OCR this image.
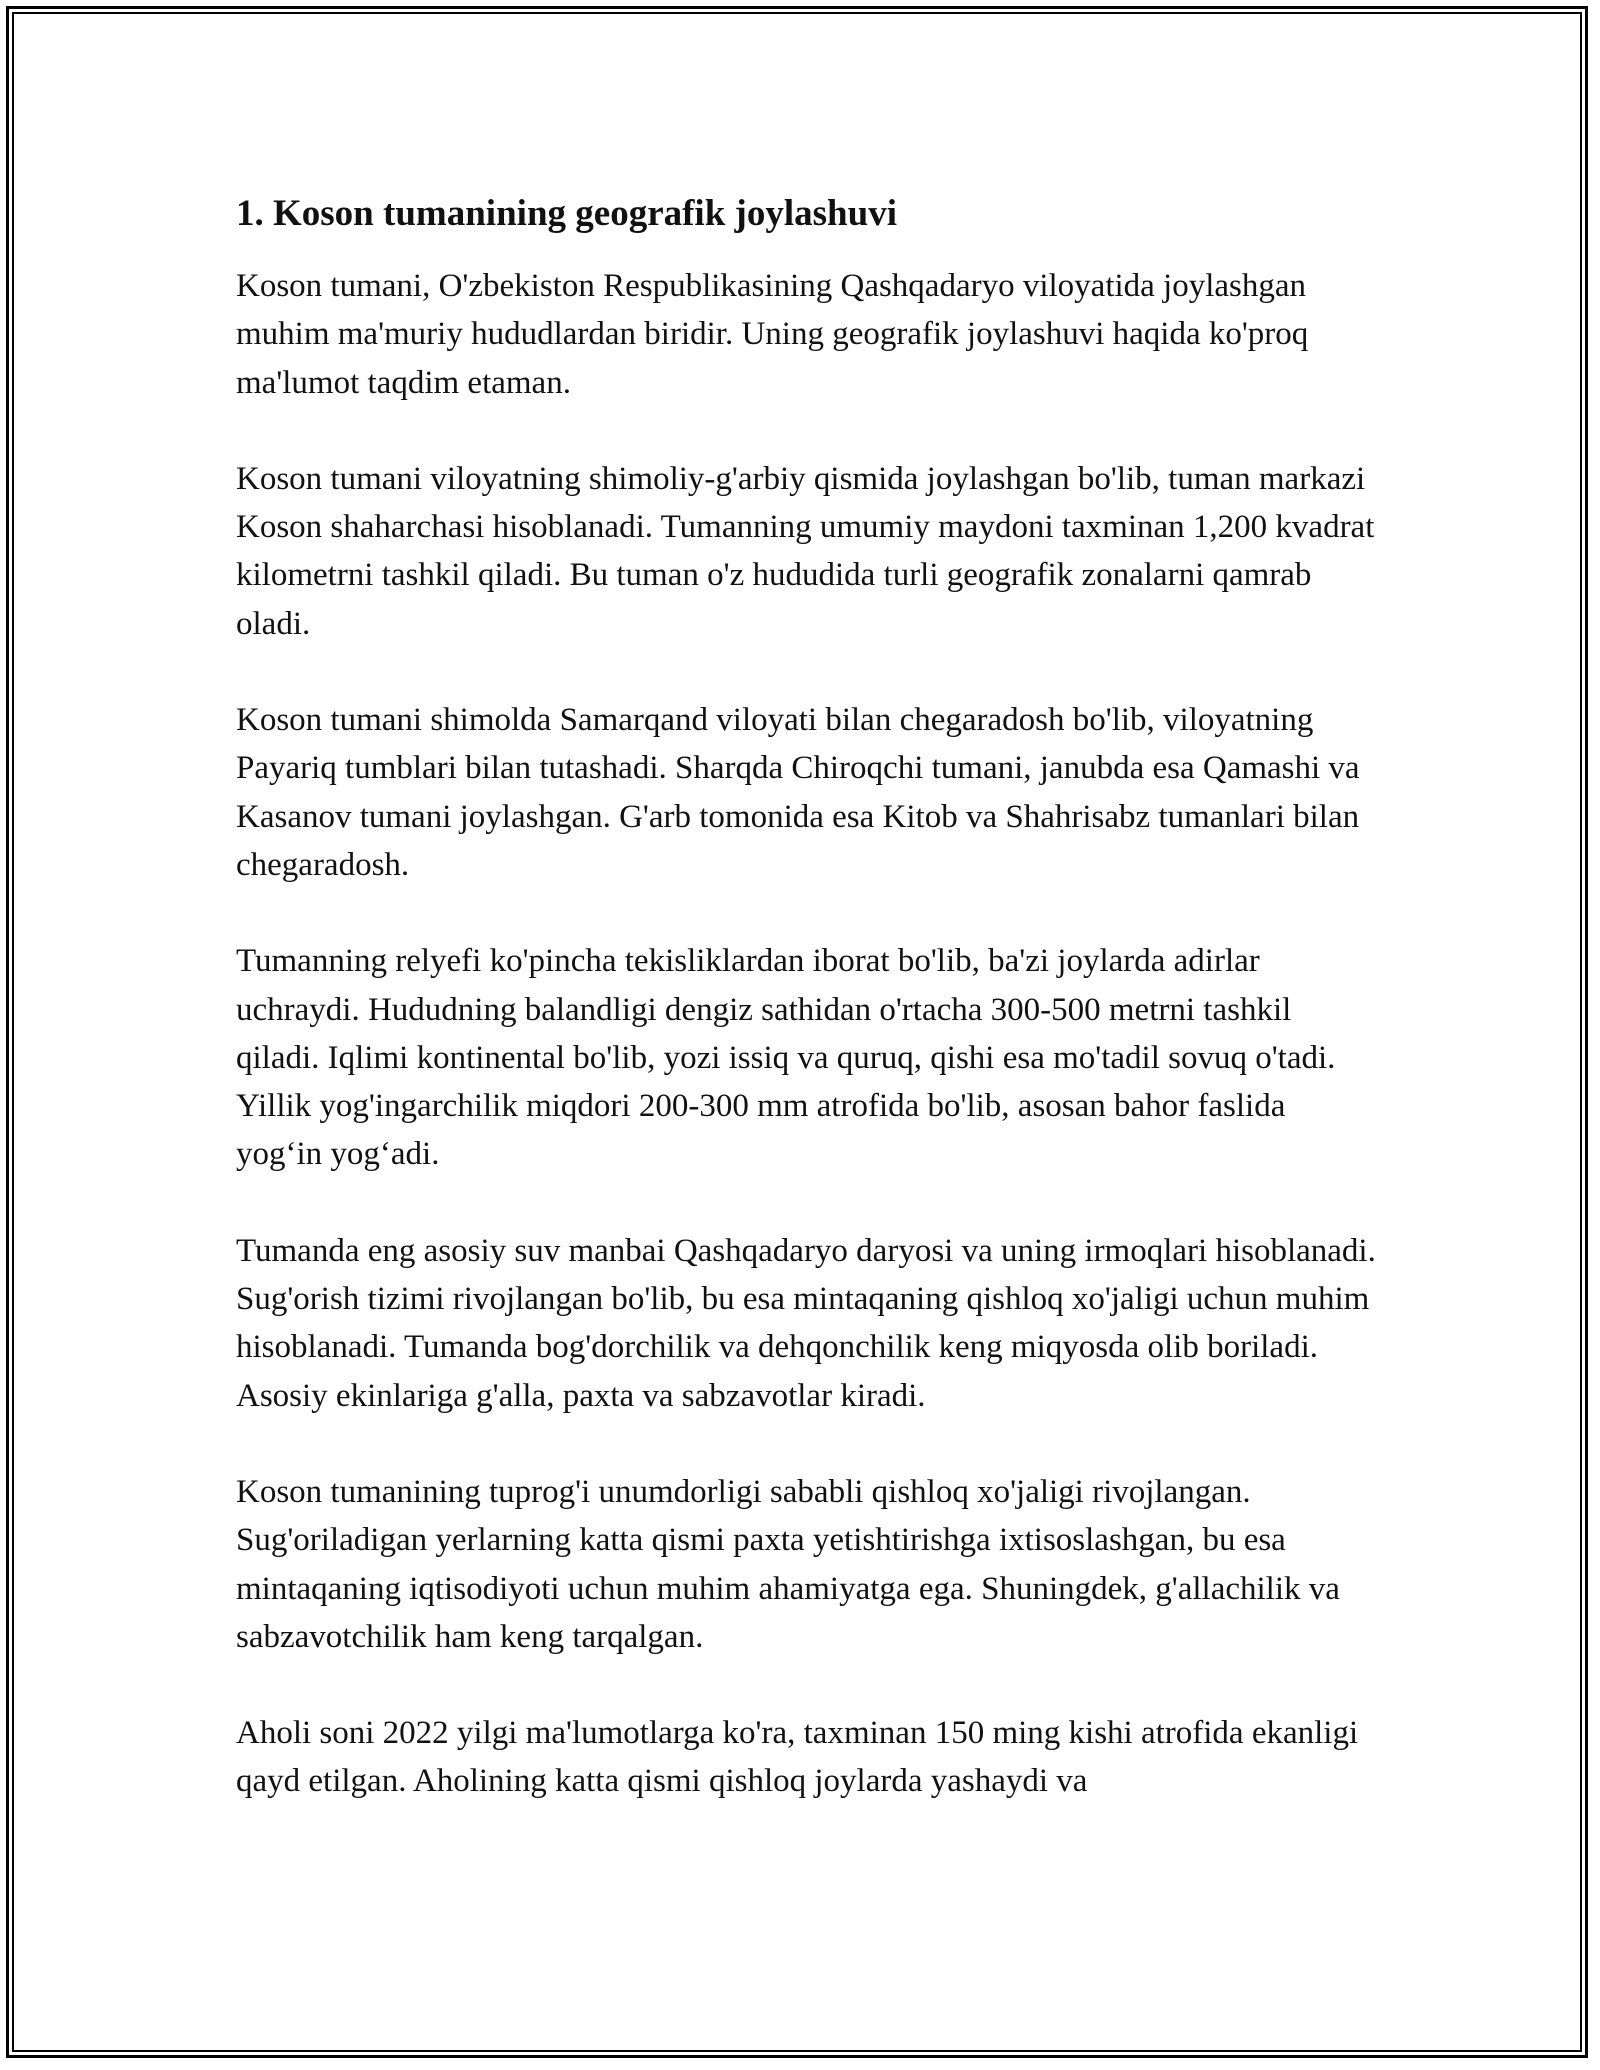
1. Koson tumanining geografik joylashuvi

Koson tumani, O'zbekiston Respublikasining Qashqadaryo viloyatida joylashgan muhim ma'muriy hududlardan biridir. Uning geografik joylashuvi haqida ko'proq ma'lumot taqdim etaman.

Koson tumani viloyatning shimoliy-g'arbiy qismida joylashgan bo'lib, tuman markazi Koson shaharchasi hisoblanadi. Tumanning umumiy maydoni taxminan 1,200 kvadrat kilometrni tashkil qiladi. Bu tuman o'z hududida turli geografik zonalarni qamrab oladi.

Koson tumani shimolda Samarqand viloyati bilan chegaradosh bo'lib, viloyatning Payariq tumblari bilan tutashadi. Sharqda Chiroqchi tumani, janubda esa Qamashi va Kasanov tumani joylashgan. G'arb tomonida esa Kitob va Shahrisabz tumanlari bilan chegaradosh.

Tumanning relyefi ko'pincha tekisliklardan iborat bo'lib, ba'zi joylarda adirlar uchraydi. Hududning balandligi dengiz sathidan o'rtacha 300-500 metrni tashkil qiladi. Iqlimi kontinental bo'lib, yozi issiq va quruq, qishi esa mo'tadil sovuq o'tadi. Yillik yog'ingarchilik miqdori 200-300 mm atrofida bo'lib, asosan bahor faslida yog‘in yog‘adi.

Tumanda eng asosiy suv manbai Qashqadaryo daryosi va uning irmoqlari hisoblanadi. Sug'orish tizimi rivojlangan bo'lib, bu esa mintaqaning qishloq xo'jaligi uchun muhim hisoblanadi. Tumanda bog'dorchilik va dehqonchilik keng miqyosda olib boriladi. Asosiy ekinlariga g'alla, paxta va sabzavotlar kiradi.

Koson tumanining tuprog'i unumdorligi sababli qishloq xo'jaligi rivojlangan. Sug'oriladigan yerlarning katta qismi paxta yetishtirishga ixtisoslashgan, bu esa mintaqaning iqtisodiyoti uchun muhim ahamiyatga ega. Shuningdek, g'allachilik va sabzavotchilik ham keng tarqalgan.

Aholi soni 2022 yilgi ma'lumotlarga ko'ra, taxminan 150 ming kishi atrofida ekanligi qayd etilgan. Aholining katta qismi qishloq joylarda yashaydi va
